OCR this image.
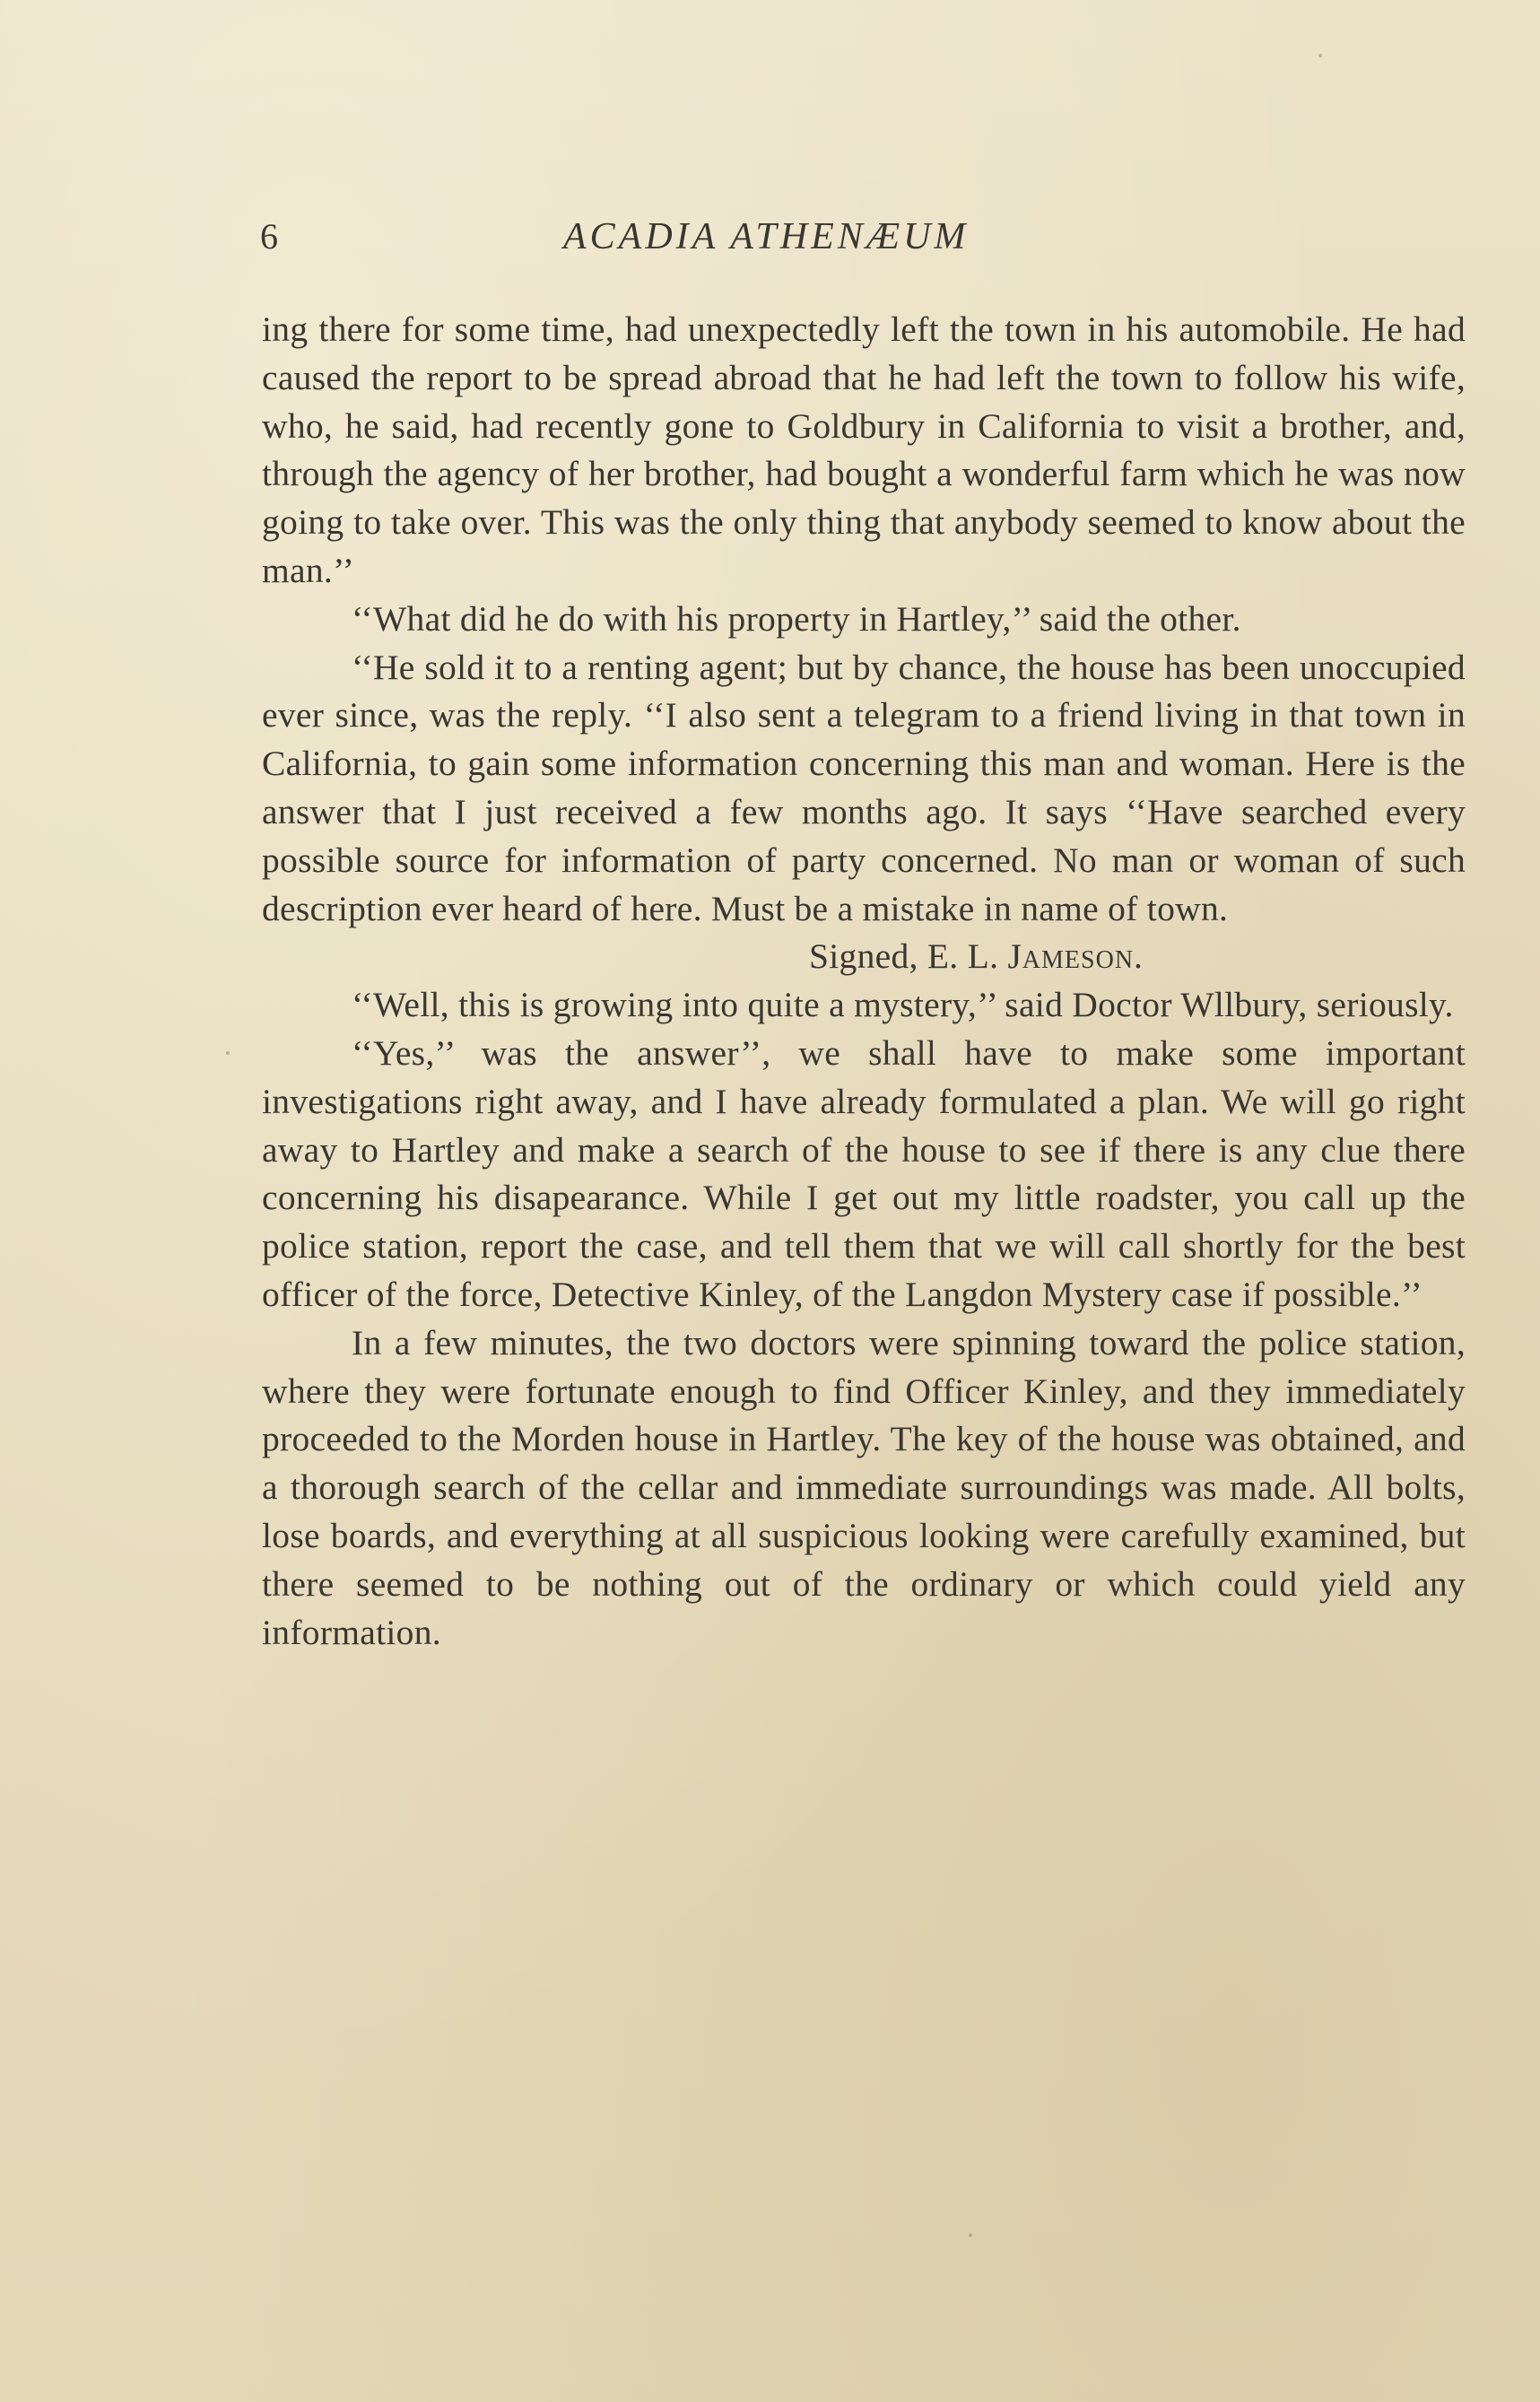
6	ACADIA ATHENÆUM

ing there for some time, had unexpectedly left the town in his automobile. He had caused the report to be spread abroad that he had left the town to follow his wife, who, he said, had recently gone to Goldbury in California to visit a brother, and, through the agency of her brother, had bought a wonderful farm which he was now going to take over. This was the only thing that anybody seemed to know about the man.’’

‘‘What did he do with his property in Hartley,’’ said the other.

‘‘He sold it to a renting agent; but by chance, the house has been unoccupied ever since, was the reply. ‘‘I also sent a telegram to a friend living in that town in California, to gain some information concerning this man and woman. Here is the answer that I just received a few months ago. It says ‘‘Have searched every possible source for information of party concerned. No man or woman of such description ever heard of here. Must be a mistake in name of town.

Signed, E. L. Jameson.

‘‘Well, this is growing into quite a mystery,’’ said Doctor Wllbury, seriously.

‘‘Yes,’’ was the answer’’, we shall have to make some important investigations right away, and I have already formulated a plan. We will go right away to Hartley and make a search of the house to see if there is any clue there concerning his disapearance. While I get out my little roadster, you call up the police station, report the case, and tell them that we will call shortly for the best officer of the force, Detective Kinley, of the Langdon Mystery case if possible.’’

In a few minutes, the two doctors were spinning toward the police station, where they were fortunate enough to find Officer Kinley, and they immediately proceeded to the Morden house in Hartley. The key of the house was obtained, and a thorough search of the cellar and immediate surroundings was made. All bolts, lose boards, and everything at all suspicious looking were carefully examined, but there seemed to be nothing out of the ordinary or which could yield any information.
